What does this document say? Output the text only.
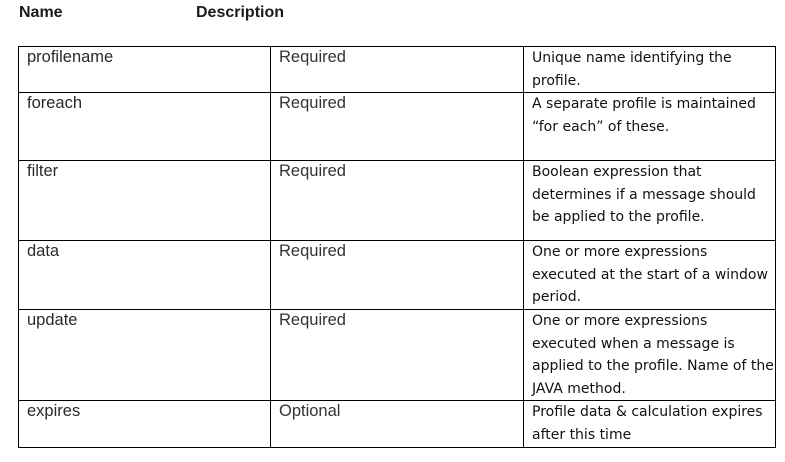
Name	Description
profilename	Required	Unique name identifying the profile.
foreach	Required	A separate profile is maintained “for each” of these.
filter	Required	Boolean expression that determines if a message should be applied to the profile.
data	Required	One or more expressions executed at the start of a window period.
update	Required	One or more expressions executed when a message is applied to the profile. Name of the JAVA method.
expires	Optional	Profile data & calculation expires after this time
